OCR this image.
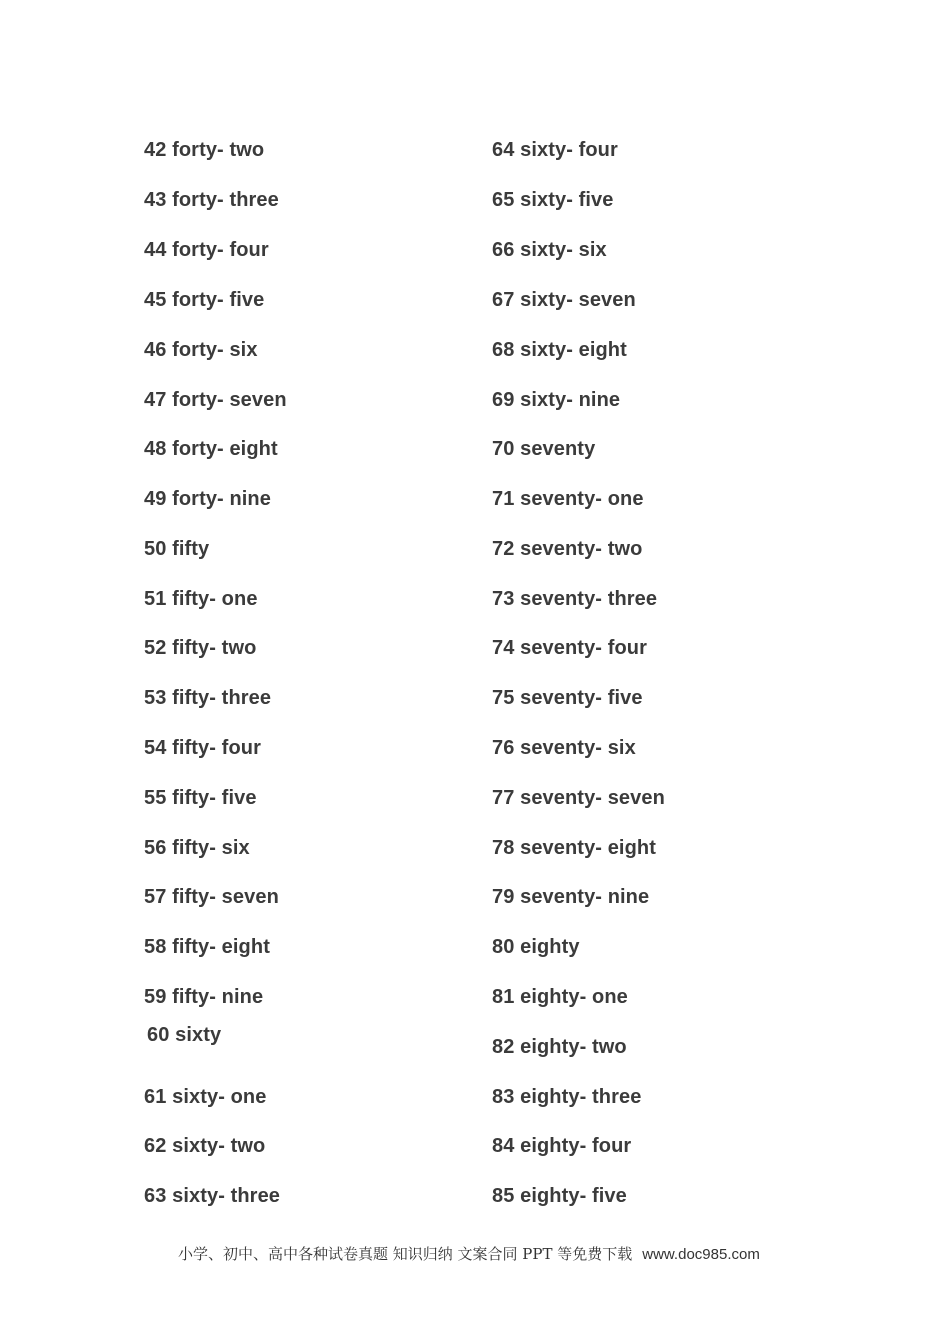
42 forty- two
43 forty- three
44 forty- four
45 forty- five
46 forty- six
47 forty- seven
48 forty- eight
49 forty- nine
50 fifty
51 fifty- one
52 fifty- two
53 fifty- three
54 fifty- four
55 fifty- five
56 fifty- six
57 fifty- seven
58 fifty- eight
59 fifty- nine
60 sixty
61 sixty- one
62 sixty- two
63 sixty- three
64 sixty- four
65 sixty- five
66 sixty- six
67 sixty- seven
68 sixty- eight
69 sixty- nine
70 seventy
71 seventy- one
72 seventy- two
73 seventy- three
74 seventy- four
75 seventy- five
76 seventy- six
77 seventy- seven
78 seventy- eight
79 seventy- nine
80 eighty
81 eighty- one
82 eighty- two
83 eighty- three
84 eighty- four
85 eighty- five
小学、初中、高中各种试卷真题 知识归纳 文案合同 PPT 等免费下载 www.doc985.com
